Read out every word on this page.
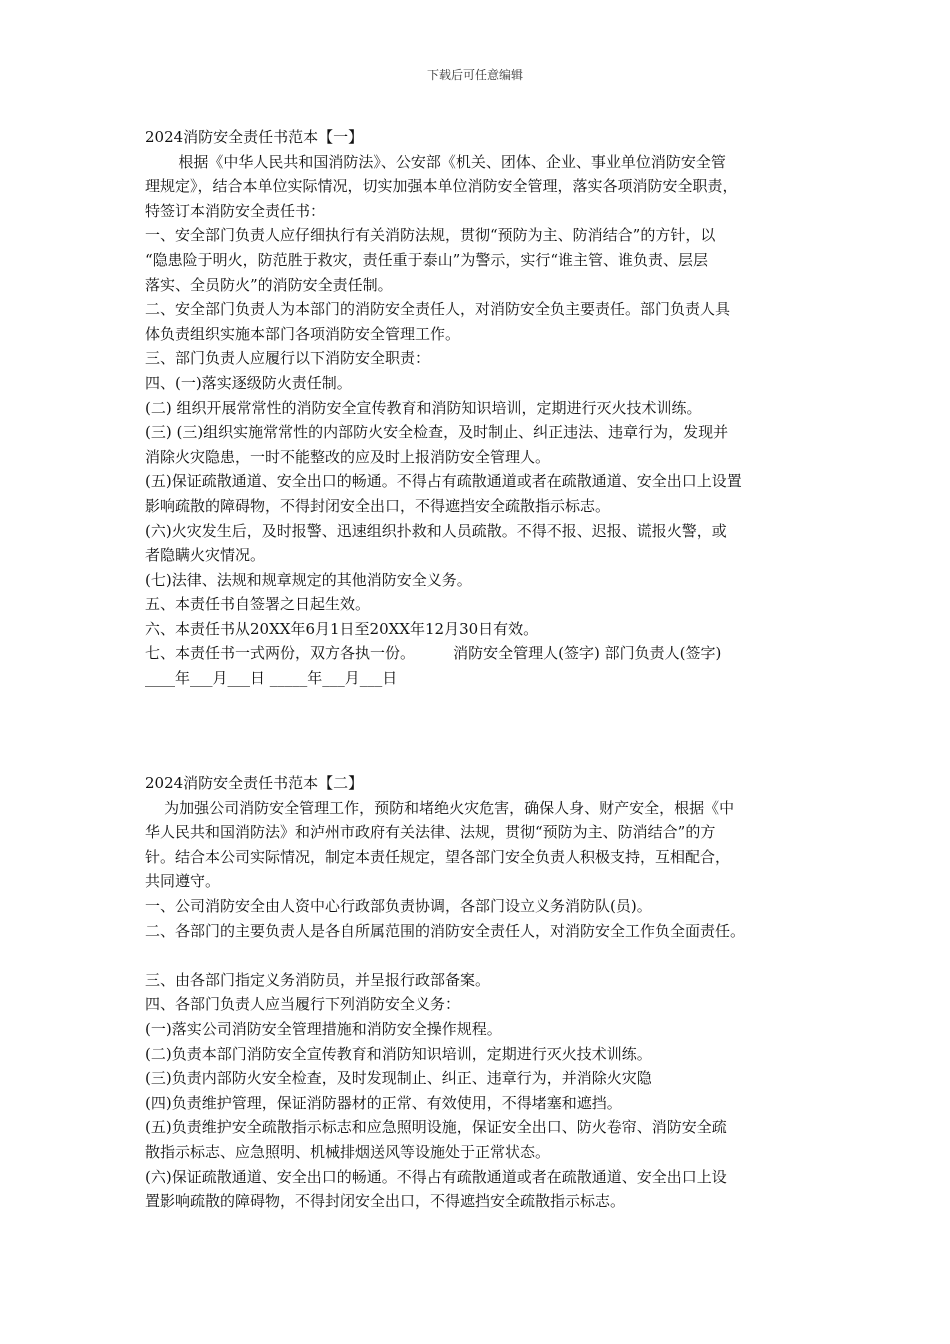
下载后可任意编辑
2024消防安全责任书范本【一】
根据《中华人民共和国消防法》、公安部《机关、团体、企业、事业单位消防安全管
理规定》，结合本单位实际情况，切实加强本单位消防安全管理，落实各项消防安全职责，
特签订本消防安全责任书：
一、安全部门负责人应仔细执行有关消防法规，贯彻“预防为主、防消结合”的方针，以
“隐患险于明火，防范胜于救灾，责任重于泰山”为警示，实行“谁主管、谁负责、层层
落实、全员防火”的消防安全责任制。
二、安全部门负责人为本部门的消防安全责任人，对消防安全负主要责任。部门负责人具
体负责组织实施本部门各项消防安全管理工作。
三、部门负责人应履行以下消防安全职责：
四、(一)落实逐级防火责任制。
(二) 组织开展常常性的消防安全宣传教育和消防知识培训，定期进行灭火技术训练。
(三) (三)组织实施常常性的内部防火安全检查，及时制止、纠正违法、违章行为，发现并
消除火灾隐患，一时不能整改的应及时上报消防安全管理人。
(五)保证疏散通道、安全出口的畅通。不得占有疏散通道或者在疏散通道、安全出口上设置
影响疏散的障碍物，不得封闭安全出口，不得遮挡安全疏散指示标志。
(六)火灾发生后，及时报警、迅速组织扑救和人员疏散。不得不报、迟报、谎报火警，或
者隐瞒火灾情况。
(七)法律、法规和规章规定的其他消防安全义务。
五、本责任书自签署之日起生效。
六、本责任书从20XX年6月1日至20XX年12月30日有效。
七、本责任书一式两份，双方各执一份。        消防安全管理人(签字) 部门负责人(签字)
____年___月___日 _____年___月___日
2024消防安全责任书范本【二】
为加强公司消防安全管理工作，预防和堵绝火灾危害，确保人身、财产安全，根据《中
华人民共和国消防法》和泸州市政府有关法律、法规，贯彻“预防为主、防消结合”的方
针。结合本公司实际情况，制定本责任规定，望各部门安全负责人积极支持，互相配合，
共同遵守。
一、公司消防安全由人资中心行政部负责协调，各部门设立义务消防队(员)。
二、各部门的主要负责人是各自所属范围的消防安全责任人，对消防安全工作负全面责任。
三、由各部门指定义务消防员，并呈报行政部备案。
四、各部门负责人应当履行下列消防安全义务：
(一)落实公司消防安全管理措施和消防安全操作规程。
(二)负责本部门消防安全宣传教育和消防知识培训，定期进行灭火技术训练。
(三)负责内部防火安全检查，及时发现制止、纠正、违章行为，并消除火灾隐
(四)负责维护管理，保证消防器材的正常、有效使用，不得堵塞和遮挡。
(五)负责维护安全疏散指示标志和应急照明设施，保证安全出口、防火卷帘、消防安全疏
散指示标志、应急照明、机械排烟送风等设施处于正常状态。
(六)保证疏散通道、安全出口的畅通。不得占有疏散通道或者在疏散通道、安全出口上设
置影响疏散的障碍物，不得封闭安全出口，不得遮挡安全疏散指示标志。
